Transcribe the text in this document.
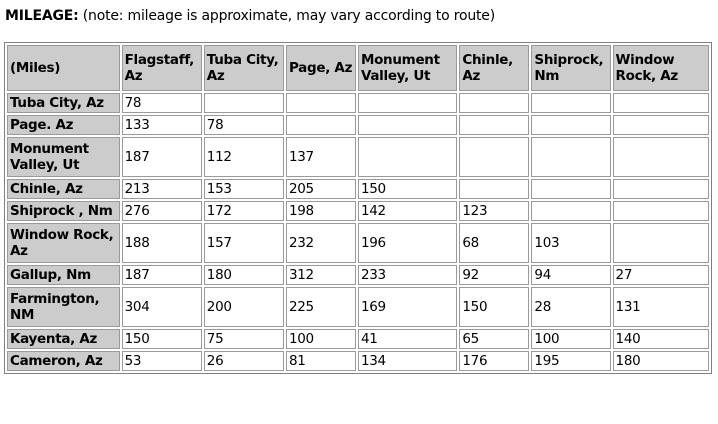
MILEAGE: (note: mileage is approximate, may vary according to route)
(Miles)	Flagstaff, Az	Tuba City, Az	Page, Az	Monument Valley, Ut	Chinle, Az	Shiprock, Nm	Window Rock, Az
Tuba City, Az	78						
Page. Az	133	78					
Monument Valley, Ut	187	112	137				
Chinle, Az	213	153	205	150			
Shiprock , Nm	276	172	198	142	123		
Window Rock, Az	188	157	232	196	68	103	
Gallup, Nm	187	180	312	233	92	94	27
Farmington, NM	304	200	225	169	150	28	131
Kayenta, Az	150	75	100	41	65	100	140
Cameron, Az	53	26	81	134	176	195	180
